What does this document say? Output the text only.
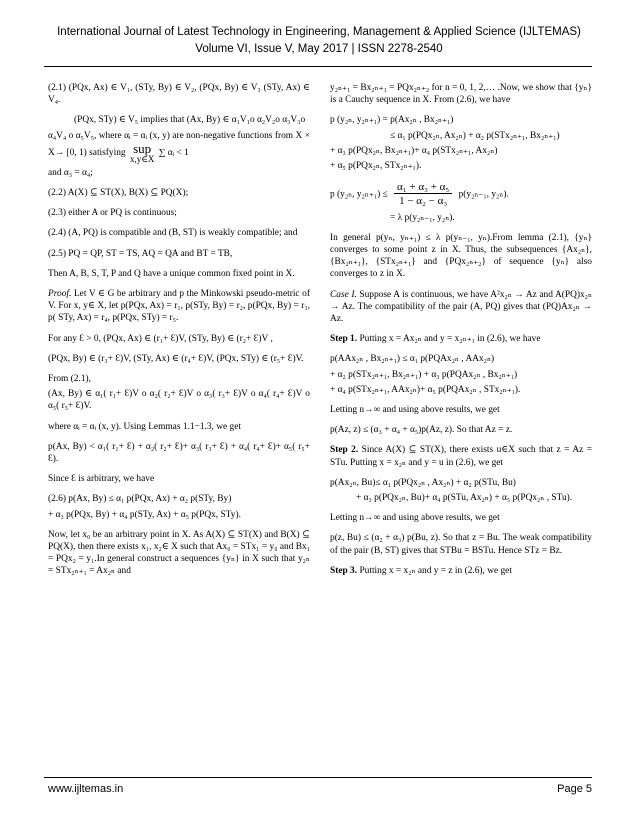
International Journal of Latest Technology in Engineering, Management & Applied Science (IJLTEMAS)
Volume VI, Issue V, May 2017 | ISSN 2278-2540

(2.1) (PQx, Ax) ∈ V₁, (STy, By) ∈ V₂, (PQx, By) ∈ V₃ (STy, Ax) ∈ V₄.

(PQx, STy) ∈ V₅ implies that (Ax, By) ∈ α₁V₁o α₂V₂o α₃V₃o

α₄V₄ o α₅V₅, where αᵢ = αᵢ (x, y) are non-negative functions from X × X→ [0, 1) satisfying sup
x,y∈X ∑ αᵢ < 1

and α₃ = α₄;

(2.2) A(X) ⊆ ST(X), B(X) ⊆ PQ(X);

(2.3) either A or PQ is continuous;

(2.4) (A, PQ) is compatible and (B, ST) is weakly compatible; and

(2.5) PQ = QP, ST = TS, AQ = QA and BT = TB,

Then A, B, S, T, P and Q have a unique common fixed point in X.

Proof. Let V ∈ G be arbitrary and p the Minkowski pseudo-metric of V. For x, y∈ X, let p(PQx, Ax) = r₁, p(STy, By) = r₂, p(PQx, By) = r₃, p( STy, Ax) = r₄, p(PQx, STy) = r₅.

For any Ɛ > 0, (PQx, Ax) ∈ (r₁+ Ɛ)V, (STy, By) ∈ (r₂+ Ɛ)V ,

(PQx, By) ∈ (r₃+ Ɛ)V, (STy, Ax) ∈ (r₄+ Ɛ)V, (PQx, STy) ∈ (r₅+ Ɛ)V.

From (2.1),

(Ax, By) ∈ α₁( r₁+ Ɛ)V o α₂( r₂+ Ɛ)V o α₃( r₃+ Ɛ)V o α₄( r₄+ Ɛ)V o α₅( r₅+ Ɛ)V.

where αᵢ = αᵢ (x, y). Using Lemmas 1.1−1.3, we get

p(Ax, By) < α₁( r₁+ Ɛ) + α₂( r₂+ Ɛ)+ α₃( r₃+ Ɛ) + α₄( r₄+ Ɛ)+ α₅( r₅+ Ɛ).

Since Ɛ is arbitrary, we have

(2.6) p(Ax, By) ≤ α₁ p(PQx, Ax) + α₂ p(STy, By)

+ α₃ p(PQx, By) + α₄ p(STy, Ax) + α₅ p(PQx, STy).

Now, let x₀ be an arbitrary point in X. As A(X) ⊆ ST(X) and B(X) ⊆ PQ(X), then there exists x₁, x₂∈ X such that Ax₀ = STx₁ = y₀ and Bx₁ = PQx₂ = y₁.In general construct a sequences {yₙ} in X such that y₂ₙ = STx₂ₙ₊₁ = Ax₂ₙ and

y₂ₙ₊₁ = Bx₂ₙ₊₁ = PQx₂ₙ₊₂ for n = 0, 1, 2,… .Now, we show that {yₙ} is a Cauchy sequence in X. From (2.6), we have

p (y₂ₙ, y₂ₙ₊₁) = p(Ax₂ₙ , Bx₂ₙ₊₁)

≤ α₁ p(PQx₂ₙ, Ax₂ₙ) + α₂ p(STx₂ₙ₊₁, Bx₂ₙ₊₁)

+ α₃ p(PQx₂ₙ, Bx₂ₙ₊₁)+ α₄ p(STx₂ₙ₊₁, Ax₂ₙ)

+ α₅ p(PQx₂ₙ, STx₂ₙ₊₁).

p (y₂ₙ, $y_{2n+1}) \le \frac{\text{α₁ + α₃ + α₅}}{\text{1 − α₂ − α₃}} p(y_{2n-1}$, y₂ₙ).

= λ p(y₂ₙ₋₁, y₂ₙ).

In general p(yₙ, yₙ₊₁) ≤ λ p(yₙ₋₁, yₙ).From lemma (2.1), {yₙ} converges to some point z in X. Thus, the subsequences {Ax₂ₙ}, {Bx₂ₙ₊₁}, {STx₂ₙ₊₁} and {PQx₂ₙ₊₂} of sequence {yₙ} also converges to z in X.

Case I. Suppose A is continuous, we have A²x₂ₙ → Az and A(PQ)x₂ₙ → Az. The compatibility of the pair (A, PQ) gives that (PQ)Ax₂ₙ → Az.

Step 1. Putting x = Ax₂ₙ and y = x₂ₙ₊₁ in (2.6), we have

p(AAx₂ₙ , Bx₂ₙ₊₁) ≤ α₁ p(PQAx₂ₙ , AAx₂ₙ)

+ α₂ p(STx₂ₙ₊₁, Bx₂ₙ₊₁) + α₃ p(PQAx₂ₙ , Bx₂ₙ₊₁)

+ α₄ p(STx₂ₙ₊₁, AAx₂ₙ)+ α₅ p(PQAx₂ₙ , STx₂ₙ₊₁).

Letting n→∞ and using above results, we get

p(Az, z) ≤ (α₃ + α₄ + α₅)p(Az, z). So that Az = z.

Step 2. Since A(X) ⊆ ST(X), there exists u∈X such that z = Az = STu. Putting x = x₂ₙ and y = u in (2.6), we get

p(Ax₂ₙ, Bu)≤ α₁ p(PQx₂ₙ , Ax₂ₙ) + α₂ p(STu, Bu)

+ α₃ p(PQx₂ₙ, Bu)+ α₄ p(STu, Ax₂ₙ) + α₅ p(PQx₂ₙ , STu).

Letting n→∞ and using above results, we get

p(z, Bu) ≤ (α₂ + α₃) p(Bu, z). So that z = Bu. The weak compatibility of the pair (B, ST) gives that STBu = BSTu. Hence STz = Bz.

Step 3. Putting x = x₂ₙ and y = z in (2.6), we get

www.ijltemas.in	Page 5
